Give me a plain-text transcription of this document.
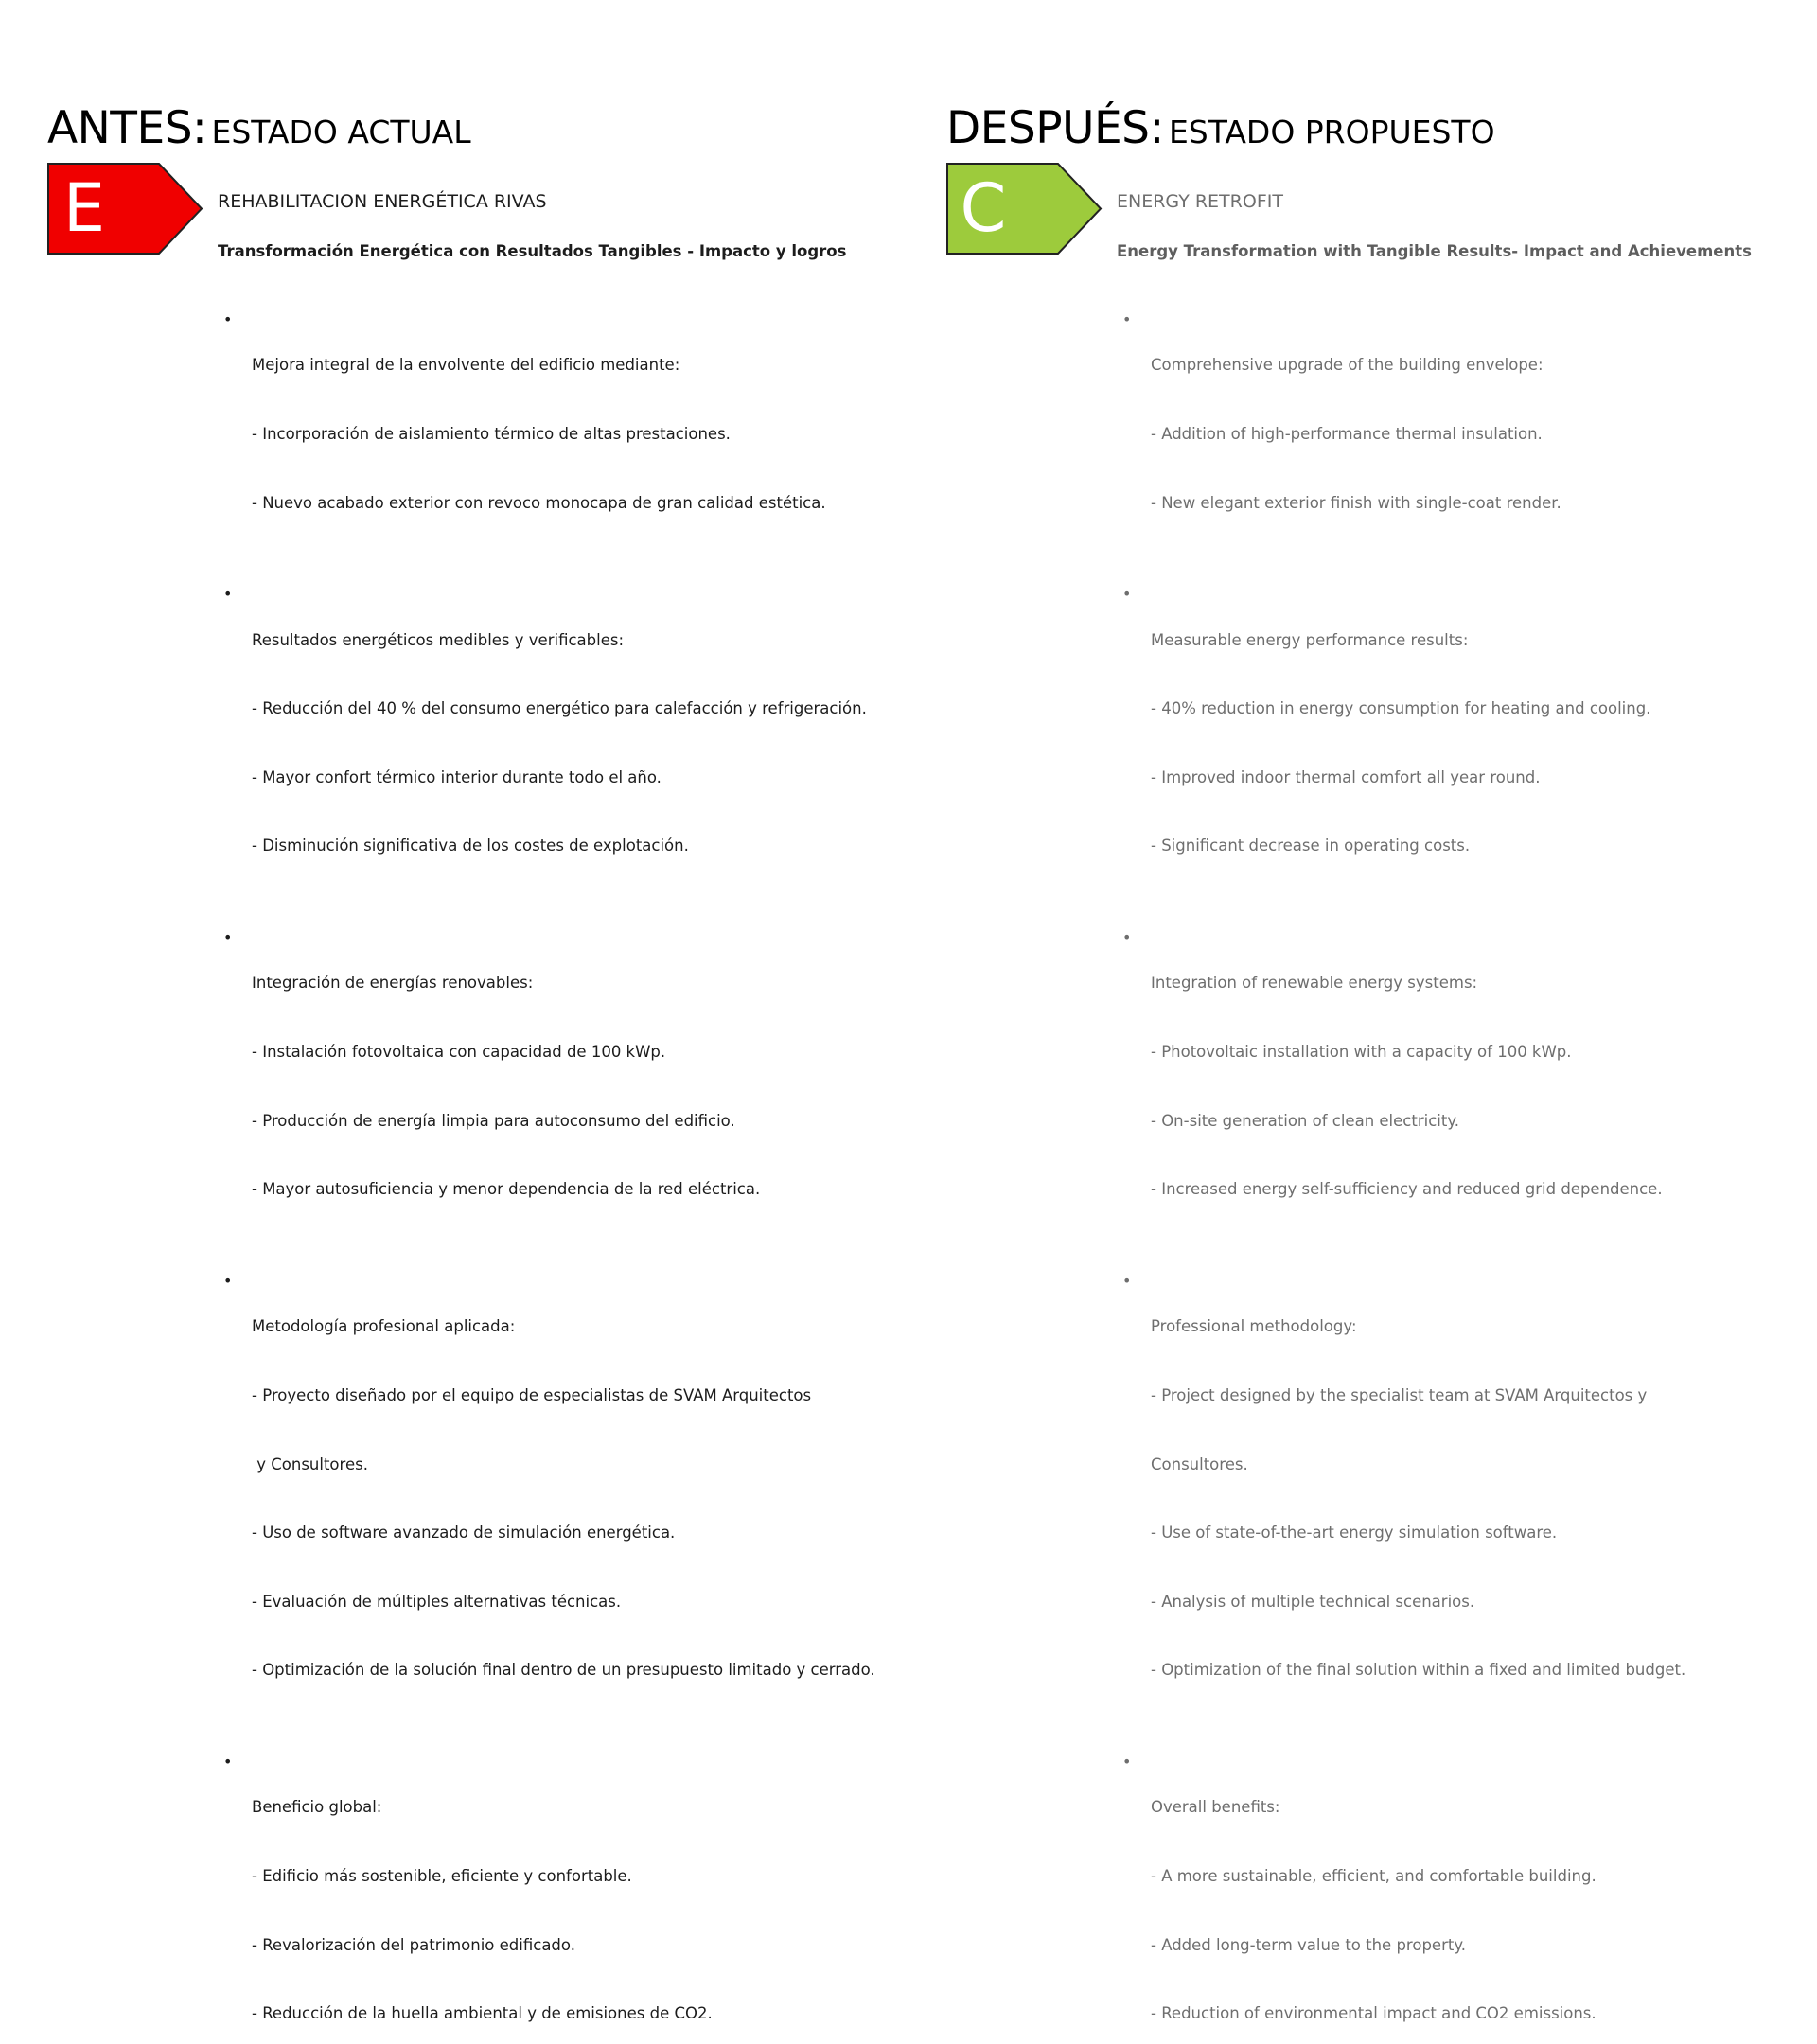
ANTES: ESTADO ACTUAL
E	REHABILITACION ENERGÉTICA RIVAS
Transformación Energética con Resultados Tangibles - Impacto y logros
•

Mejora integral de la envolvente del edificio mediante:

- Incorporación de aislamiento térmico de altas prestaciones.

- Nuevo acabado exterior con revoco monocapa de gran calidad estética.

•

Resultados energéticos medibles y verificables:

- Reducción del 40 % del consumo energético para calefacción y refrigeración.

- Mayor confort térmico interior durante todo el año.

- Disminución significativa de los costes de explotación.

•

Integración de energías renovables:

- Instalación fotovoltaica con capacidad de 100 kWp.

- Producción de energía limpia para autoconsumo del edificio.

- Mayor autosuficiencia y menor dependencia de la red eléctrica.

•

Metodología profesional aplicada:

- Proyecto diseñado por el equipo de especialistas de SVAM Arquitectos

y Consultores.

- Uso de software avanzado de simulación energética.

- Evaluación de múltiples alternativas técnicas.

- Optimización de la solución final dentro de un presupuesto limitado y cerrado.

•

Beneficio global:

- Edificio más sostenible, eficiente y confortable.

- Revalorización del patrimonio edificado.

- Reducción de la huella ambiental y de emisiones de CO2.

DESPUÉS: ESTADO PROPUESTO
C	ENERGY RETROFIT
Energy Transformation with Tangible Results- Impact and Achievements
•

Comprehensive upgrade of the building envelope:

- Addition of high-performance thermal insulation.

- New elegant exterior finish with single-coat render.

•

Measurable energy performance results:

- 40% reduction in energy consumption for heating and cooling.

- Improved indoor thermal comfort all year round.

- Significant decrease in operating costs.

•

Integration of renewable energy systems:

- Photovoltaic installation with a capacity of 100 kWp.

- On-site generation of clean electricity.

- Increased energy self-sufficiency and reduced grid dependence.

•

Professional methodology:

- Project designed by the specialist team at SVAM Arquitectos y

Consultores.

- Use of state-of-the-art energy simulation software.

- Analysis of multiple technical scenarios.

- Optimization of the final solution within a fixed and limited budget.

•

Overall benefits:

- A more sustainable, efficient, and comfortable building.

- Added long-term value to the property.

- Reduction of environmental impact and CO2 emissions.
